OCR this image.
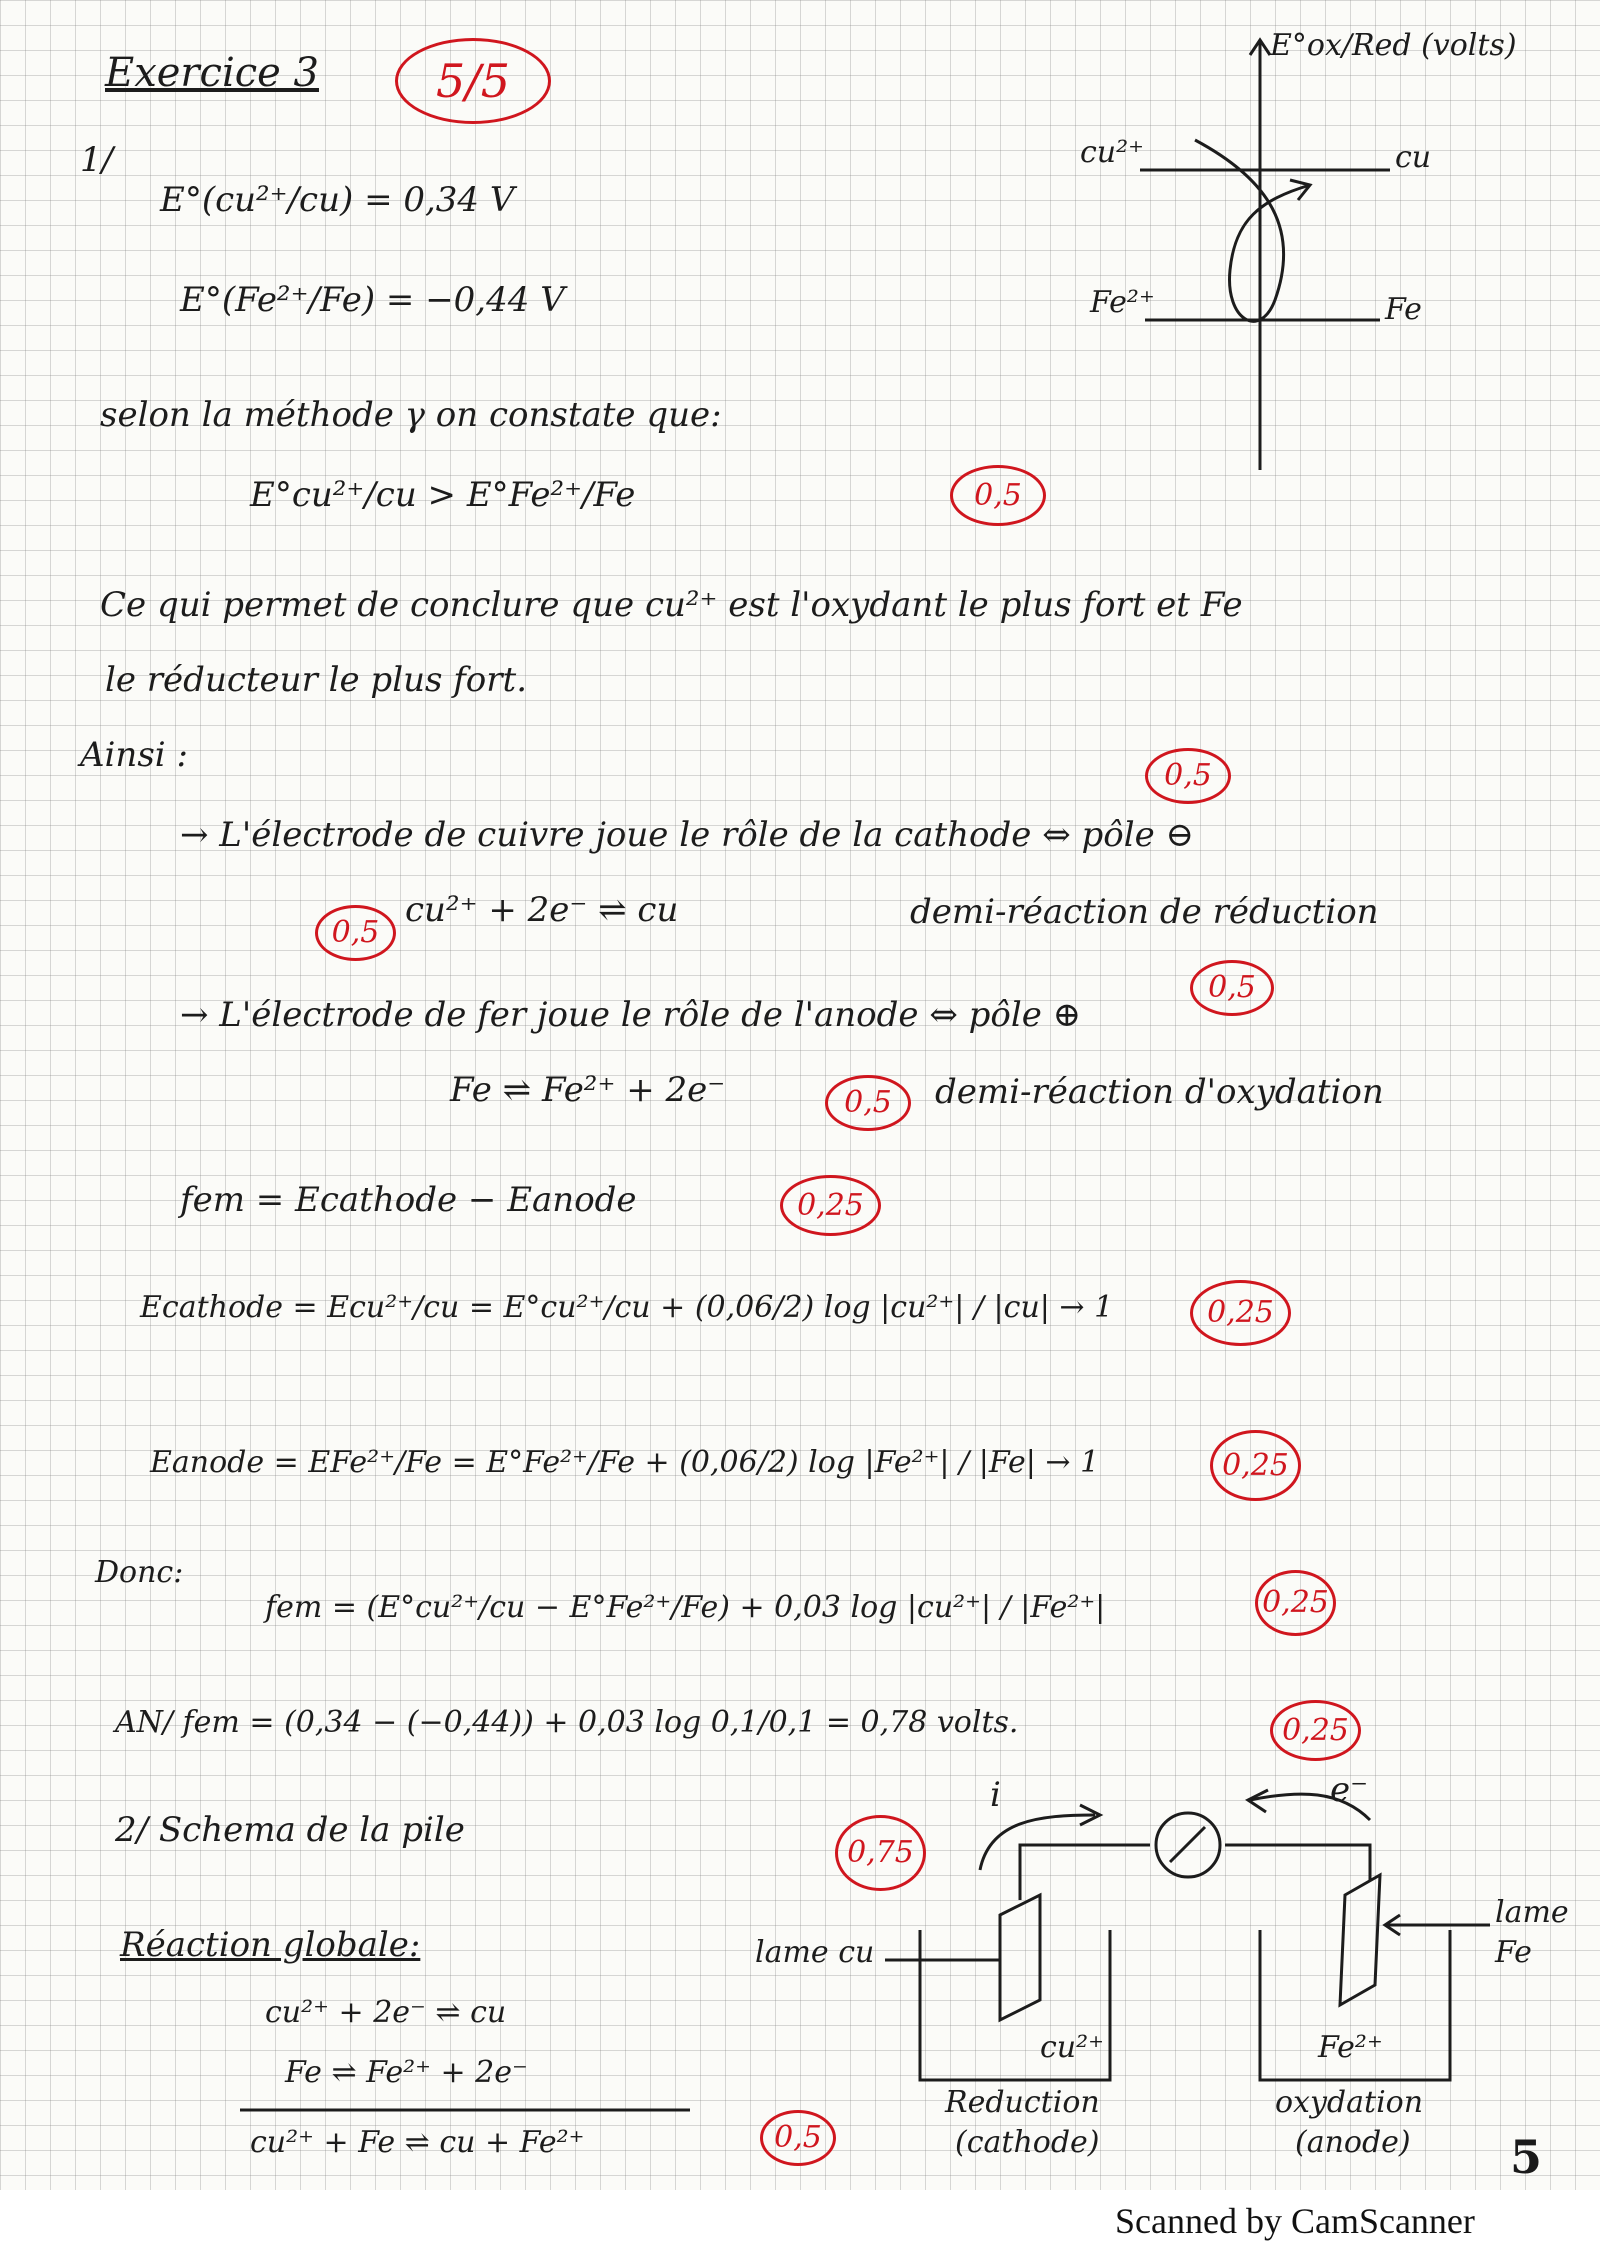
Exercice 3	5/5
1/
E°(cu²⁺/cu) = 0,34 V
E°(Fe²⁺/Fe) = −0,44 V
selon la méthode γ on constate que:
E°cu²⁺/cu > E°Fe²⁺/Fe	0,5
Ce qui permet de conclure que cu²⁺ est l'oxydant le plus fort et Fe
le réducteur le plus fort.
Ainsi :
0,5
→ L'électrode de cuivre joue le rôle de la cathode ⇔ pôle ⊖
0,5
cu²⁺ + 2e⁻ ⇌ cu	demi-réaction de réduction
0,5
→ L'électrode de fer joue le rôle de l'anode ⇔ pôle ⊕
Fe ⇌ Fe²⁺ + 2e⁻	0,5	demi-réaction d'oxydation
fem = Ecathode − Eanode	0,25
Ecathode = Ecu²⁺/cu = E°cu²⁺/cu + (0,06/2) log |cu²⁺| / |cu| → 1	0,25
Eanode = EFe²⁺/Fe = E°Fe²⁺/Fe + (0,06/2) log |Fe²⁺| / |Fe| → 1	0,25
Donc:
fem = (E°cu²⁺/cu − E°Fe²⁺/Fe) + 0,03 log |cu²⁺| / |Fe²⁺|	0,25
AN/ fem = (0,34 − (−0,44)) + 0,03 log 0,1/0,1 = 0,78 volts.	0,25
E°ox/Red (volts)
cu²⁺	cu
Fe²⁺	Fe
2/ Schema de la pile
0,75
Réaction globale:
cu²⁺ + 2e⁻ ⇌ cu
Fe ⇌ Fe²⁺ + 2e⁻
cu²⁺ + Fe ⇌ cu + Fe²⁺	0,5
i	e⁻
lame cu
lame
Fe
cu²⁺	Fe²⁺
Reduction
(cathode)
oxydation
(anode) 5
Scanned by CamScanner
